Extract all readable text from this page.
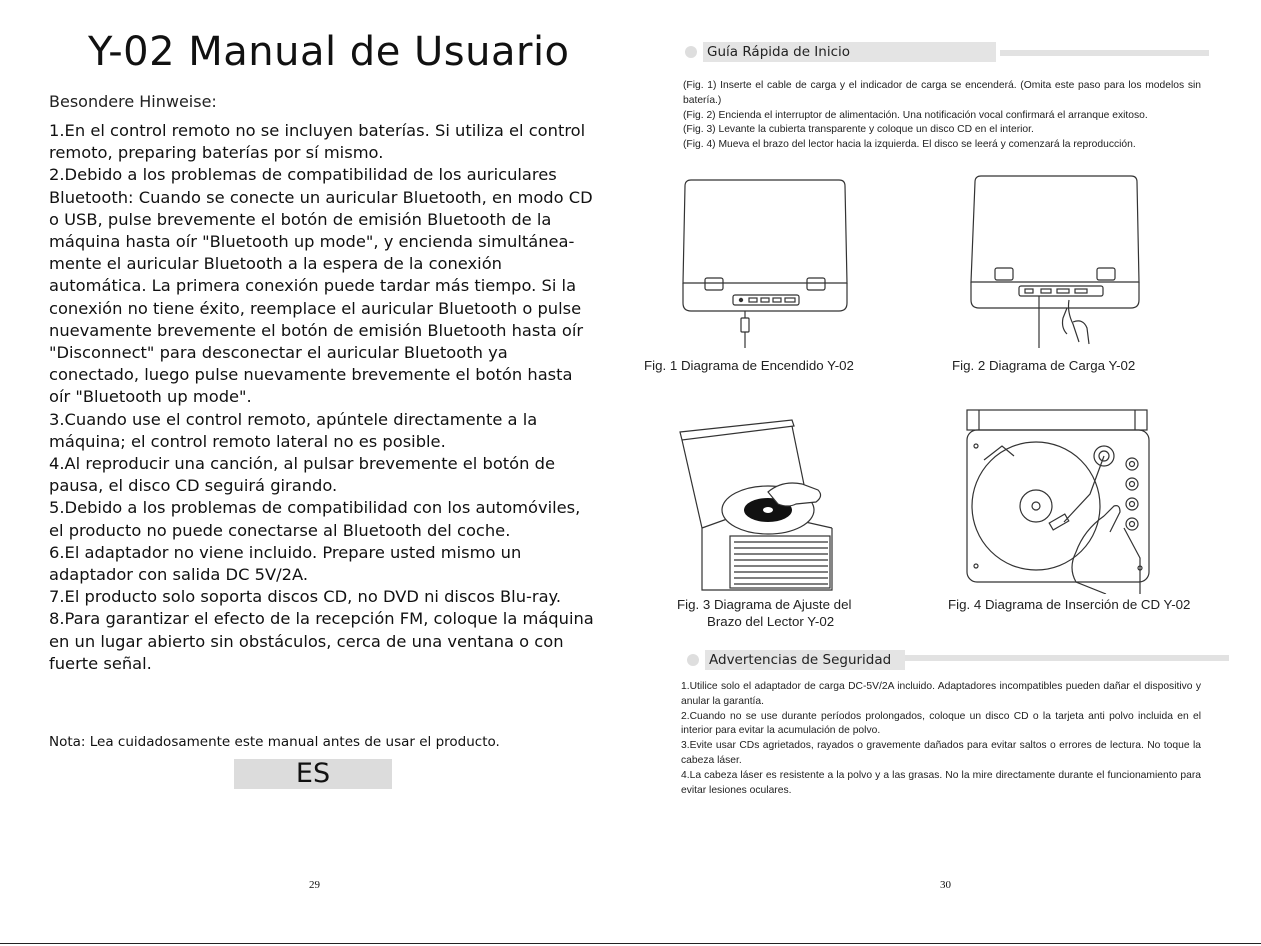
Y-02 Manual de Usuario
Besondere Hinweise:

1.En el control remoto no se incluyen baterías. Si utiliza el control remoto, preparing baterías por sí mismo.

2.Debido a los problemas de compatibilidad de los auriculares Bluetooth: Cuando se conecte un auricular Bluetooth, en modo CD o USB, pulse brevemente el botón de emisión Bluetooth de la máquina hasta oír "Bluetooth up mode", y encienda simultánea-mente el auricular Bluetooth a la espera de la conexión automática. La primera conexión puede tardar más tiempo. Si la conexión no tiene éxito, reemplace el auricular Bluetooth o pulse nuevamente brevemente el botón de emisión Bluetooth hasta oír "Disconnect" para desconectar el auricular Bluetooth ya conectado, luego pulse nuevamente brevemente el botón hasta oír "Bluetooth up mode".

3.Cuando use el control remoto, apúntele directamente a la máquina; el control remoto lateral no es posible.

4.Al reproducir una canción, al pulsar brevemente el botón de pausa, el disco CD seguirá girando.

5.Debido a los problemas de compatibilidad con los automóviles, el producto no puede conectarse al Bluetooth del coche.

6.El adaptador no viene incluido. Prepare usted mismo un adaptador con salida DC 5V/2A.

7.El producto solo soporta discos CD, no DVD ni discos Blu-ray.

8.Para garantizar el efecto de la recepción FM, coloque la máquina en un lugar abierto sin obstáculos, cerca de una ventana o con fuerte señal.

Nota: Lea cuidadosamente este manual antes de usar el producto.
ES
29
Guía Rápida de Inicio

(Fig. 1) Inserte el cable de carga y el indicador de carga se encenderá. (Omita este paso para los modelos sin batería.)

(Fig. 2) Encienda el interruptor de alimentación. Una notificación vocal confirmará el arranque exitoso.

(Fig. 3) Levante la cubierta transparente y coloque un disco CD en el interior.

(Fig. 4) Mueva el brazo del lector hacia la izquierda. El disco se leerá y comenzará la reproducción.

Fig. 1 Diagrama de Encendido Y-02	Fig. 2 Diagrama de Carga Y-02
Fig. 3 Diagrama de Ajuste del
Brazo del Lector Y-02
Fig. 4 Diagrama de Inserción de CD Y-02
Advertencias de Seguridad

1.Utilice solo el adaptador de carga DC-5V/2A incluido. Adaptadores incompatibles pueden dañar el dispositivo y anular la garantía.

2.Cuando no se use durante períodos prolongados, coloque un disco CD o la tarjeta anti polvo incluida en el interior para evitar la acumulación de polvo.

3.Evite usar CDs agrietados, rayados o gravemente dañados para evitar saltos o errores de lectura. No toque la cabeza láser.

4.La cabeza láser es resistente a la polvo y a las grasas. No la mire directamente durante el funcionamiento para evitar lesiones oculares.

30
